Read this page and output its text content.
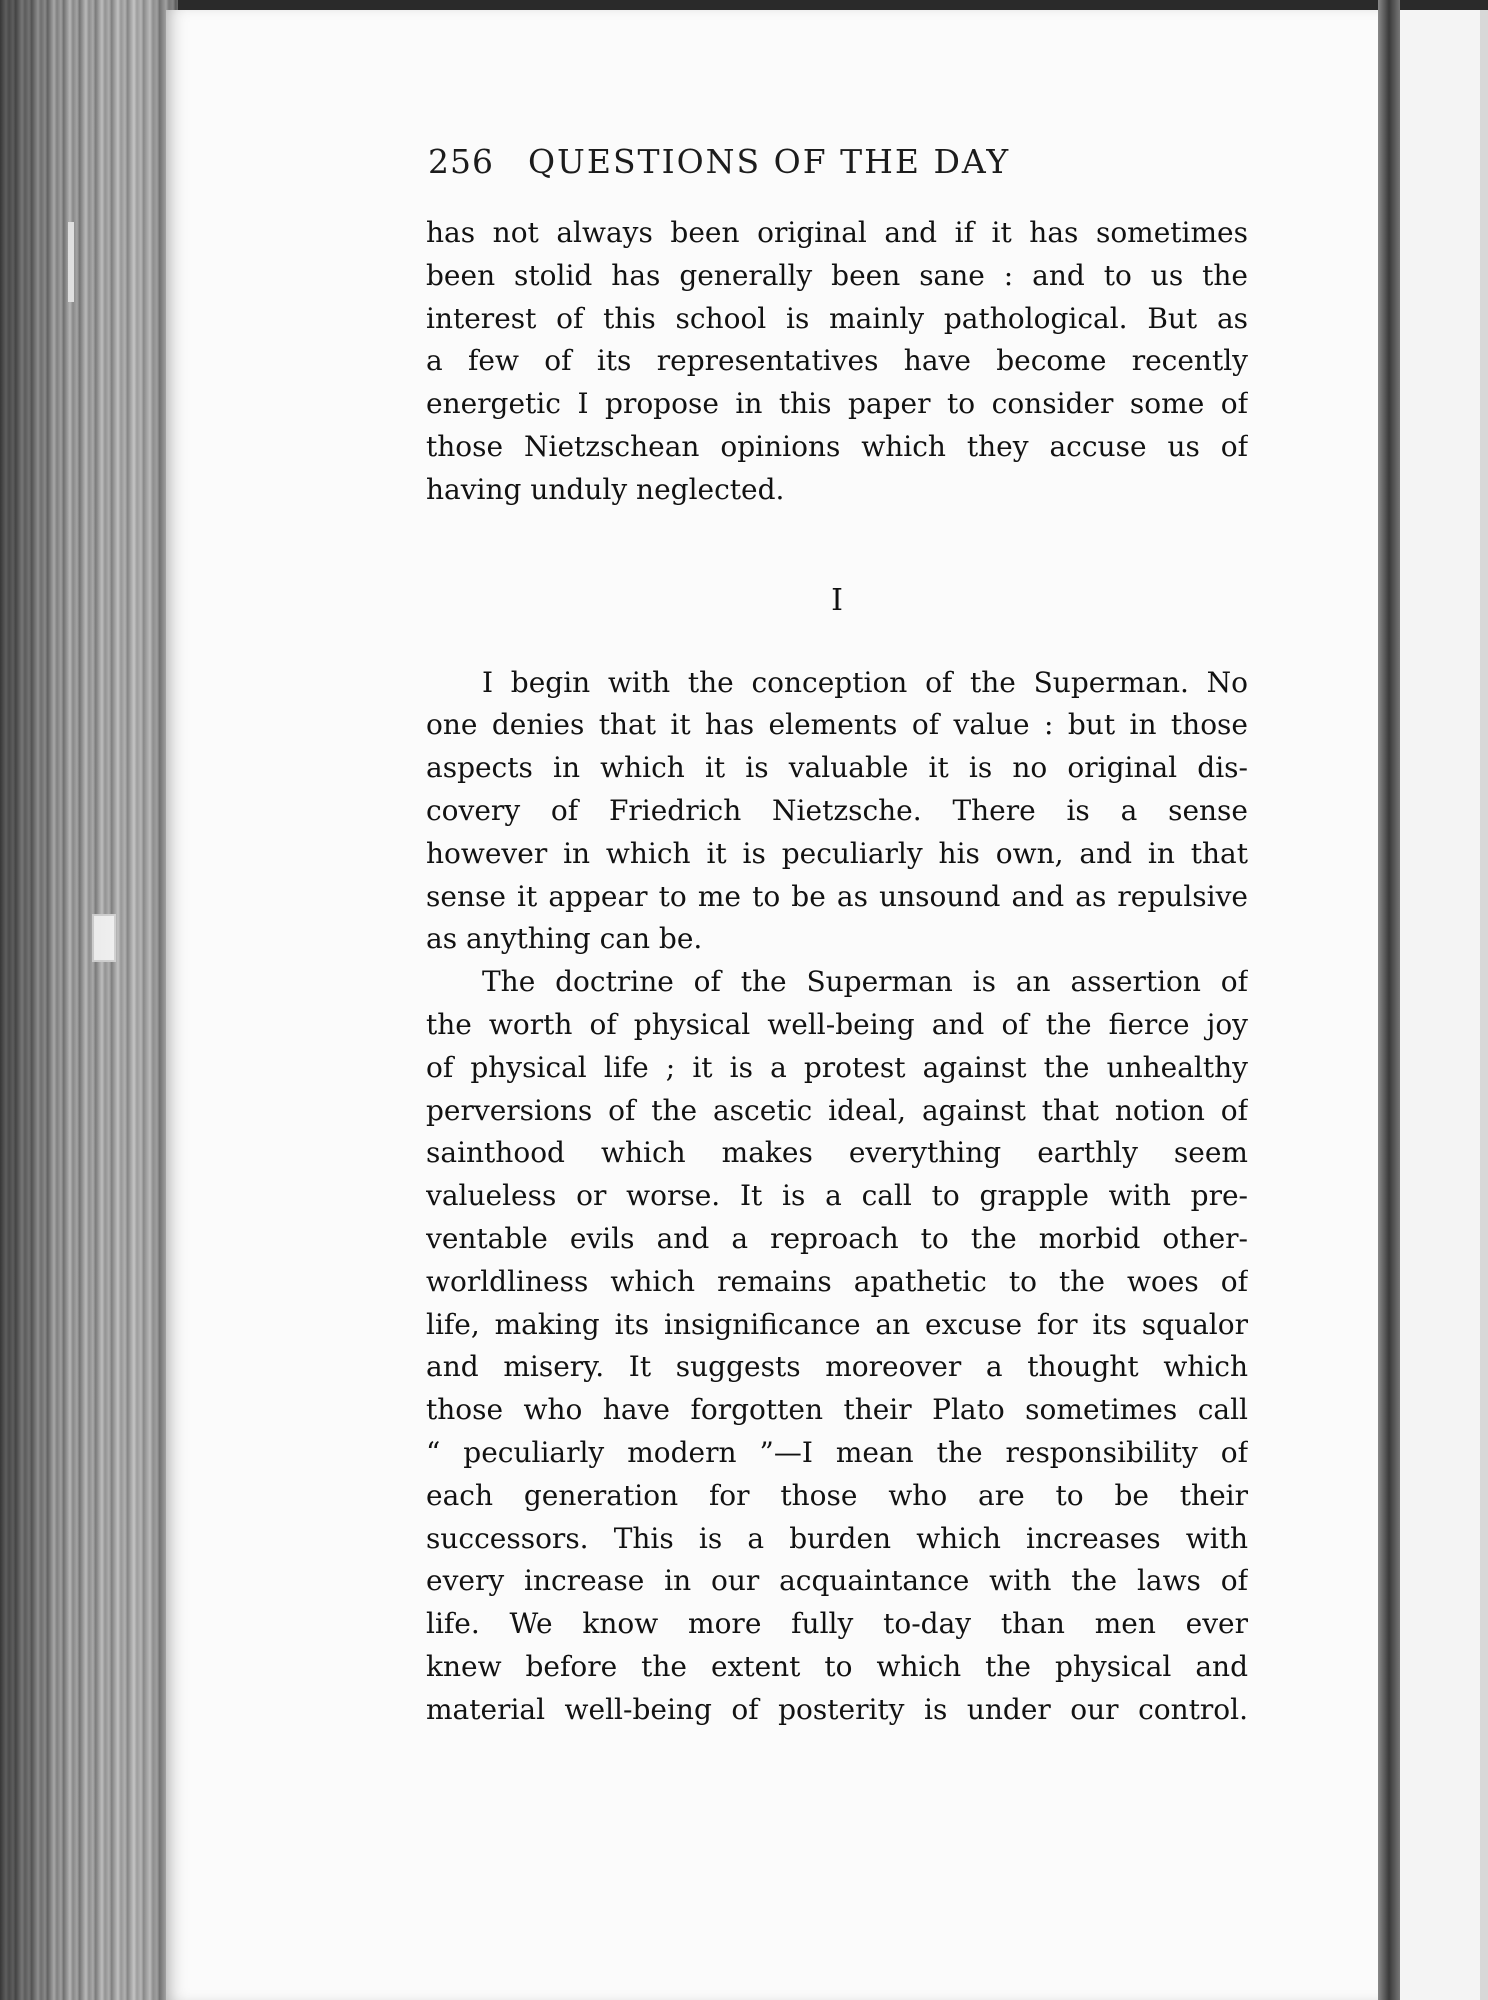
256 QUESTIONS OF THE DAY
has not always been original and if it has sometimes
been stolid has generally been sane : and to us the
interest of this school is mainly pathological. But as
a few of its representatives have become recently
energetic I propose in this paper to consider some of
those Nietzschean opinions which they accuse us of
having unduly neglected.
I
I begin with the conception of the Superman. No
one denies that it has elements of value : but in those
aspects in which it is valuable it is no original dis-
covery of Friedrich Nietzsche. There is a sense
however in which it is peculiarly his own, and in that
sense it appear to me to be as unsound and as repulsive
as anything can be.
The doctrine of the Superman is an assertion of
the worth of physical well-being and of the fierce joy
of physical life ; it is a protest against the unhealthy
perversions of the ascetic ideal, against that notion of
sainthood which makes everything earthly seem
valueless or worse. It is a call to grapple with pre-
ventable evils and a reproach to the morbid other-
worldliness which remains apathetic to the woes of
life, making its insignificance an excuse for its squalor
and misery. It suggests moreover a thought which
those who have forgotten their Plato sometimes call
“ peculiarly modern ”—I mean the responsibility of
each generation for those who are to be their
successors. This is a burden which increases with
every increase in our acquaintance with the laws of
life. We know more fully to-day than men ever
knew before the extent to which the physical and
material well-being of posterity is under our control.
